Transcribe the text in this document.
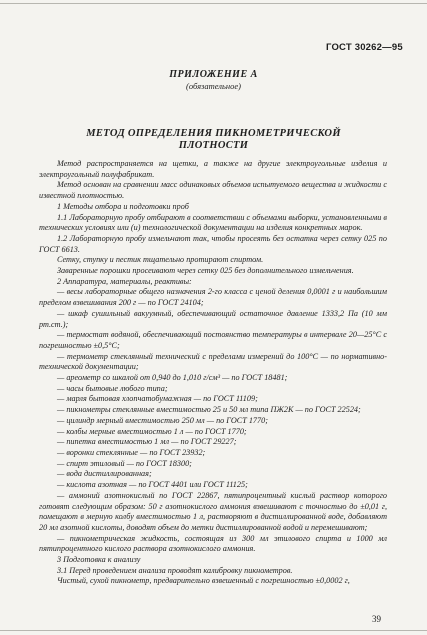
ГОСТ 30262—95
ПРИЛОЖЕНИЕ А
(обязательное)
МЕТОД ОПРЕДЕЛЕНИЯ ПИКНОМЕТРИЧЕСКОЙ
ПЛОТНОСТИ

Метод распространяется на щетки, а также на другие электроугольные изделия и электроугольный полуфабрикат.

Метод основан на сравнении масс одинаковых объемов испытуемого вещества и жидкости с известной плотностью.

1 Методы отбора и подготовки проб

1.1 Лабораторную пробу отбирают в соответствии с объемами выборки, установленными в технических условиях или (и) технологической документации на изделия конкретных марок.

1.2 Лабораторную пробу измельчают так, чтобы просеять без остатка через сетку 025 по ГОСТ 6613.

Сетку, ступку и пестик тщательно протирают спиртом.

Заваренные порошки просеивают через сетку 025 без дополнительного измельчения.

2 Аппаратура, материалы, реактивы:

— весы лабораторные общего назначения 2-го класса с ценой деления 0,0001 г и наибольшим пределом взвешивания 200 г — по ГОСТ 24104;

— шкаф сушильный вакуумный, обеспечивающий остаточное давление 1333,2 Па (10 мм рт.ст.);

— термостат водяной, обеспечивающий постоянство температуры в интервале 20—25°С с погрешностью ±0,5°С;

— термометр стеклянный технический с пределами измерений до 100°С — по нормативно-технической документации;

— ареометр со шкалой от 0,940 до 1,010 г/см³ — по ГОСТ 18481;

— часы бытовые любого типа;

— марля бытовая хлопчатобумажная — по ГОСТ 11109;

— пикнометры стеклянные вместимостью 25 и 50 мл типа ПЖ2К — по ГОСТ 22524;

— цилиндр мерный вместимостью 250 мл — по ГОСТ 1770;

— колбы мерные вместимостью 1 л — по ГОСТ 1770;

— пипетка вместимостью 1 мл — по ГОСТ 29227;

— воронки стеклянные — по ГОСТ 23932;

— спирт этиловый — по ГОСТ 18300;

— вода дистиллированная;

— кислота азотная — по ГОСТ 4401 или ГОСТ 11125;

— аммоний азотнокислый по ГОСТ 22867, пятипроцентный кислый раствор которого готовят следующим образом: 50 г азотнокислого аммония взвешивают с точностью до ±0,01 г, помещают в мерную колбу вместимостью 1 л, растворяют в дистиллированной воде, добавляют 20 мл азотной кислоты, доводят объем до метки дистиллированной водой и перемешивают;

— пикнометрическая жидкость, состоящая из 300 мл этилового спирта и 1000 мл пятипроцентного кислого раствора азотнокислого аммония.

3 Подготовка к анализу

3.1 Перед проведением анализа проводят калибровку пикнометров.

Чистый, сухой пикнометр, предварительно взвешенный с погрешностью ±0,0002 г,

39
